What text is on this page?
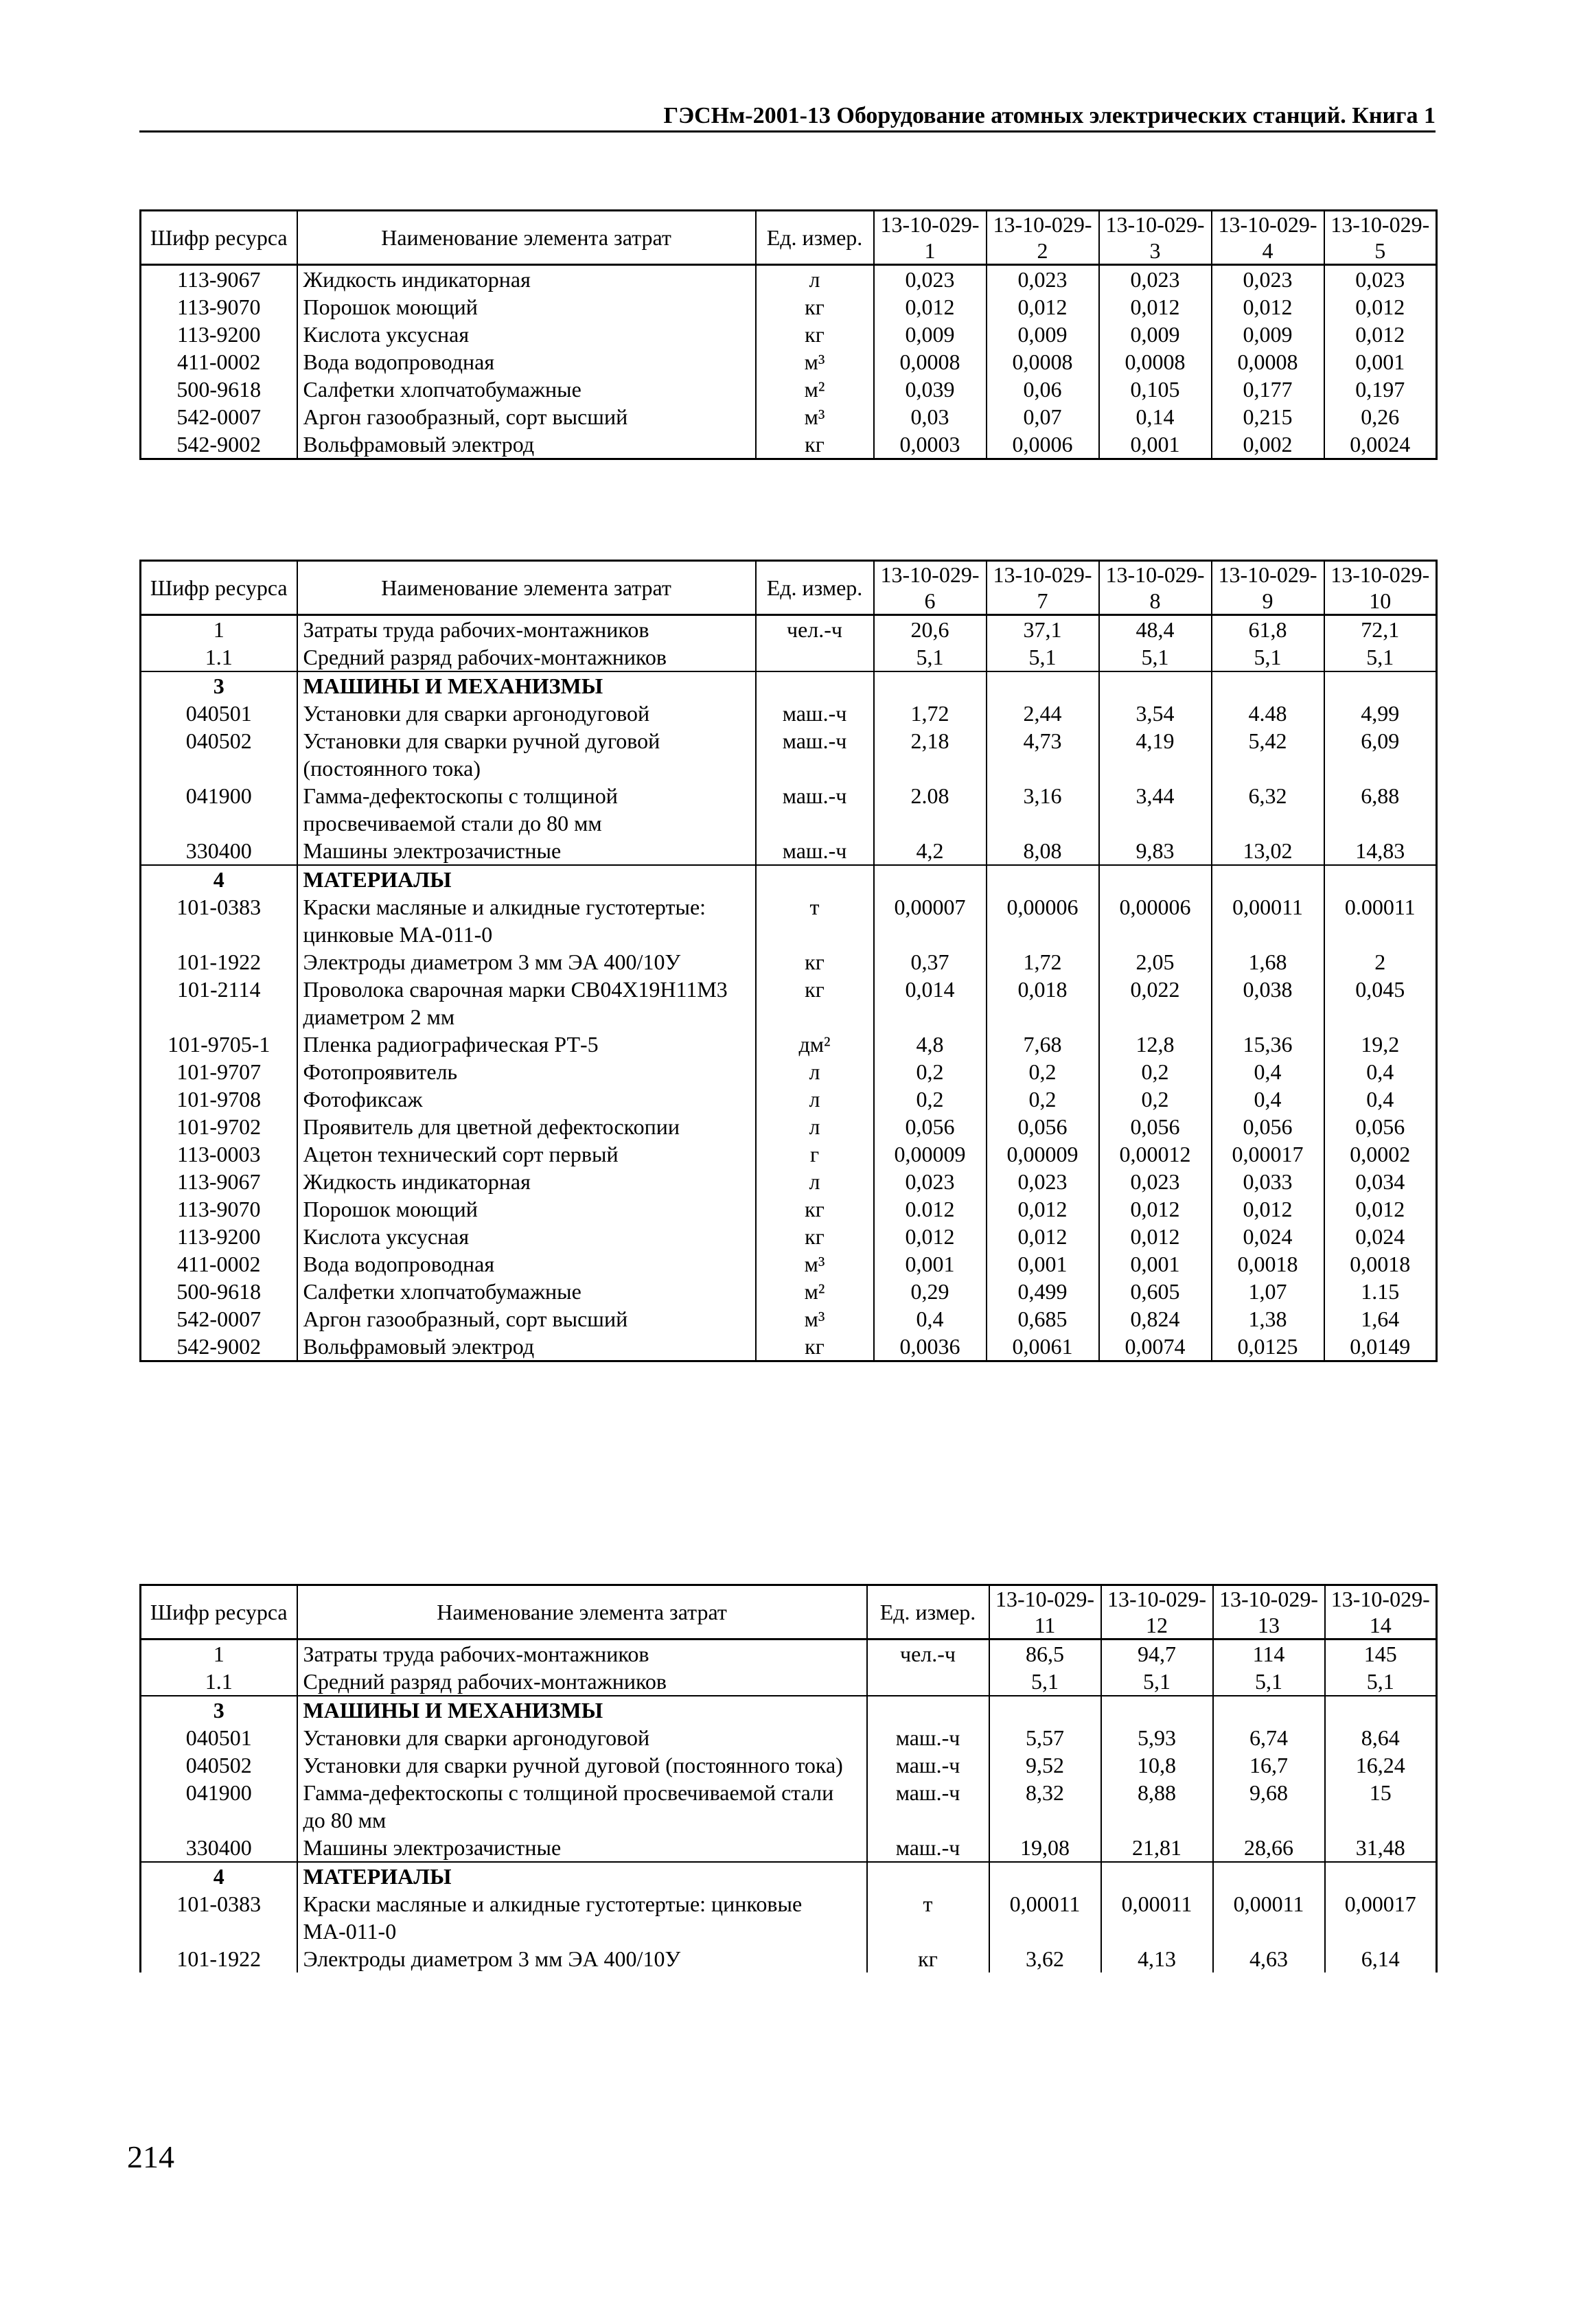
ГЭСНм-2001-13 Оборудование атомных электрических станций. Книга 1
Шифр ресурса	Наименование элемента затрат	Ед. измер.	13-10-029-1	13-10-029-2	13-10-029-3	13-10-029-4	13-10-029-5
113-9067	Жидкость индикаторная	л	0,023	0,023	0,023	0,023	0,023
113-9070	Порошок моющий	кг	0,012	0,012	0,012	0,012	0,012
113-9200	Кислота уксусная	кг	0,009	0,009	0,009	0,009	0,012
411-0002	Вода водопроводная	м³	0,0008	0,0008	0,0008	0,0008	0,001
500-9618	Салфетки хлопчатобумажные	м²	0,039	0,06	0,105	0,177	0,197
542-0007	Аргон газообразный, сорт высший	м³	0,03	0,07	0,14	0,215	0,26
542-9002	Вольфрамовый электрод	кг	0,0003	0,0006	0,001	0,002	0,0024
Шифр ресурса	Наименование элемента затрат	Ед. измер.	13-10-029-6	13-10-029-7	13-10-029-8	13-10-029-9	13-10-029-10
1	Затраты труда рабочих-монтажников	чел.-ч	20,6	37,1	48,4	61,8	72,1
1.1	Средний разряд рабочих-монтажников		5,1	5,1	5,1	5,1	5,1
3	МАШИНЫ И МЕХАНИЗМЫ						
040501	Установки для сварки аргонодуговой	маш.-ч	1,72	2,44	3,54	4.48	4,99
040502	Установки для сварки ручной дуговой (постоянного тока)	маш.-ч	2,18	4,73	4,19	5,42	6,09
041900	Гамма-дефектоскопы с толщиной просвечиваемой стали до 80 мм	маш.-ч	2.08	3,16	3,44	6,32	6,88
330400	Машины электрозачистные	маш.-ч	4,2	8,08	9,83	13,02	14,83
4	МАТЕРИАЛЫ						
101-0383	Краски масляные и алкидные густотертые: цинковые МА-011-0	т	0,00007	0,00006	0,00006	0,00011	0.00011
101-1922	Электроды диаметром 3 мм ЭА 400/10У	кг	0,37	1,72	2,05	1,68	2
101-2114	Проволока сварочная марки СВ04Х19Н11М3 диаметром 2 мм	кг	0,014	0,018	0,022	0,038	0,045
101-9705-1	Пленка радиографическая РТ-5	дм²	4,8	7,68	12,8	15,36	19,2
101-9707	Фотопроявитель	л	0,2	0,2	0,2	0,4	0,4
101-9708	Фотофиксаж	л	0,2	0,2	0,2	0,4	0,4
101-9702	Проявитель для цветной дефектоскопии	л	0,056	0,056	0,056	0,056	0,056
113-0003	Ацетон технический сорт первый	г	0,00009	0,00009	0,00012	0,00017	0,0002
113-9067	Жидкость индикаторная	л	0,023	0,023	0,023	0,033	0,034
113-9070	Порошок моющий	кг	0.012	0,012	0,012	0,012	0,012
113-9200	Кислота уксусная	кг	0,012	0,012	0,012	0,024	0,024
411-0002	Вода водопроводная	м³	0,001	0,001	0,001	0,0018	0,0018
500-9618	Салфетки хлопчатобумажные	м²	0,29	0,499	0,605	1,07	1.15
542-0007	Аргон газообразный, сорт высший	м³	0,4	0,685	0,824	1,38	1,64
542-9002	Вольфрамовый электрод	кг	0,0036	0,0061	0,0074	0,0125	0,0149
Шифр ресурса	Наименование элемента затрат	Ед. измер.	13-10-029-11	13-10-029-12	13-10-029-13	13-10-029-14
1	Затраты труда рабочих-монтажников	чел.-ч	86,5	94,7	114	145
1.1	Средний разряд рабочих-монтажников		5,1	5,1	5,1	5,1
3	МАШИНЫ И МЕХАНИЗМЫ					
040501	Установки для сварки аргонодуговой	маш.-ч	5,57	5,93	6,74	8,64
040502	Установки для сварки ручной дуговой (постоянного тока)	маш.-ч	9,52	10,8	16,7	16,24
041900	Гамма-дефектоскопы с толщиной просвечиваемой стали до 80 мм	маш.-ч	8,32	8,88	9,68	15
330400	Машины электрозачистные	маш.-ч	19,08	21,81	28,66	31,48
4	МАТЕРИАЛЫ					
101-0383	Краски масляные и алкидные густотертые: цинковые МА-011-0	т	0,00011	0,00011	0,00011	0,00017
101-1922	Электроды диаметром 3 мм ЭА 400/10У	кг	3,62	4,13	4,63	6,14
214
